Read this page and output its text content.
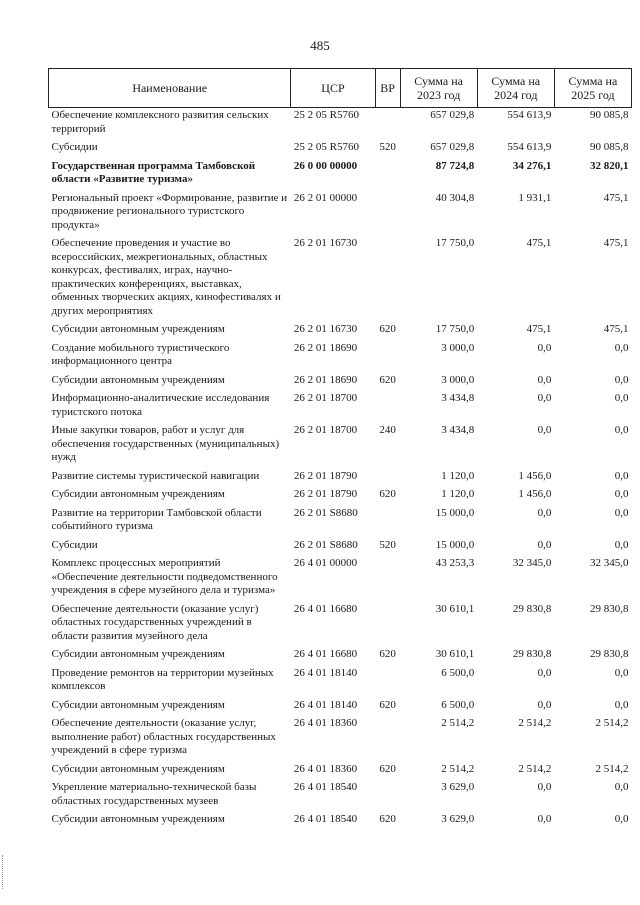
485
Наименование	ЦСР	ВР	Сумма на 2023 год	Сумма на 2024 год	Сумма на 2025 год
Обеспечение комплексного развития сельских территорий	25 2 05 R5760		657 029,8	554 613,9	90 085,8
Субсидии	25 2 05 R5760	520	657 029,8	554 613,9	90 085,8
Государственная программа Тамбовской области «Развитие туризма»	26 0 00 00000		87 724,8	34 276,1	32 820,1
Региональный проект «Формирование, развитие и продвижение регионального туристского продукта»	26 2 01 00000		40 304,8	1 931,1	475,1
Обеспечение проведения и участие во всероссийских, межрегиональных, областных конкурсах, фестивалях, играх, научно-практических конференциях, выставках, обменных творческих акциях, кинофестивалях и других мероприятиях	26 2 01 16730		17 750,0	475,1	475,1
Субсидии автономным учреждениям	26 2 01 16730	620	17 750,0	475,1	475,1
Создание мобильного туристического информационного центра	26 2 01 18690		3 000,0	0,0	0,0
Субсидии автономным учреждениям	26 2 01 18690	620	3 000,0	0,0	0,0
Информационно-аналитические исследования туристского потока	26 2 01 18700		3 434,8	0,0	0,0
Иные закупки товаров, работ и услуг для обеспечения государственных (муниципальных) нужд	26 2 01 18700	240	3 434,8	0,0	0,0
Развитие системы туристической навигации	26 2 01 18790		1 120,0	1 456,0	0,0
Субсидии автономным учреждениям	26 2 01 18790	620	1 120,0	1 456,0	0,0
Развитие на территории Тамбовской области событийного туризма	26 2 01 S8680		15 000,0	0,0	0,0
Субсидии	26 2 01 S8680	520	15 000,0	0,0	0,0
Комплекс процессных мероприятий «Обеспечение деятельности подведомственного учреждения в сфере музейного дела и туризма»	26 4 01 00000		43 253,3	32 345,0	32 345,0
Обеспечение деятельности (оказание услуг) областных государственных учреждений в области развития музейного дела	26 4 01 16680		30 610,1	29 830,8	29 830,8
Субсидии автономным учреждениям	26 4 01 16680	620	30 610,1	29 830,8	29 830,8
Проведение ремонтов на территории музейных комплексов	26 4 01 18140		6 500,0	0,0	0,0
Субсидии автономным учреждениям	26 4 01 18140	620	6 500,0	0,0	0,0
Обеспечение деятельности (оказание услуг, выполнение работ) областных государственных учреждений в сфере туризма	26 4 01 18360		2 514,2	2 514,2	2 514,2
Субсидии автономным учреждениям	26 4 01 18360	620	2 514,2	2 514,2	2 514,2
Укрепление материально-технической базы областных государственных музеев	26 4 01 18540		3 629,0	0,0	0,0
Субсидии автономным учреждениям	26 4 01 18540	620	3 629,0	0,0	0,0
